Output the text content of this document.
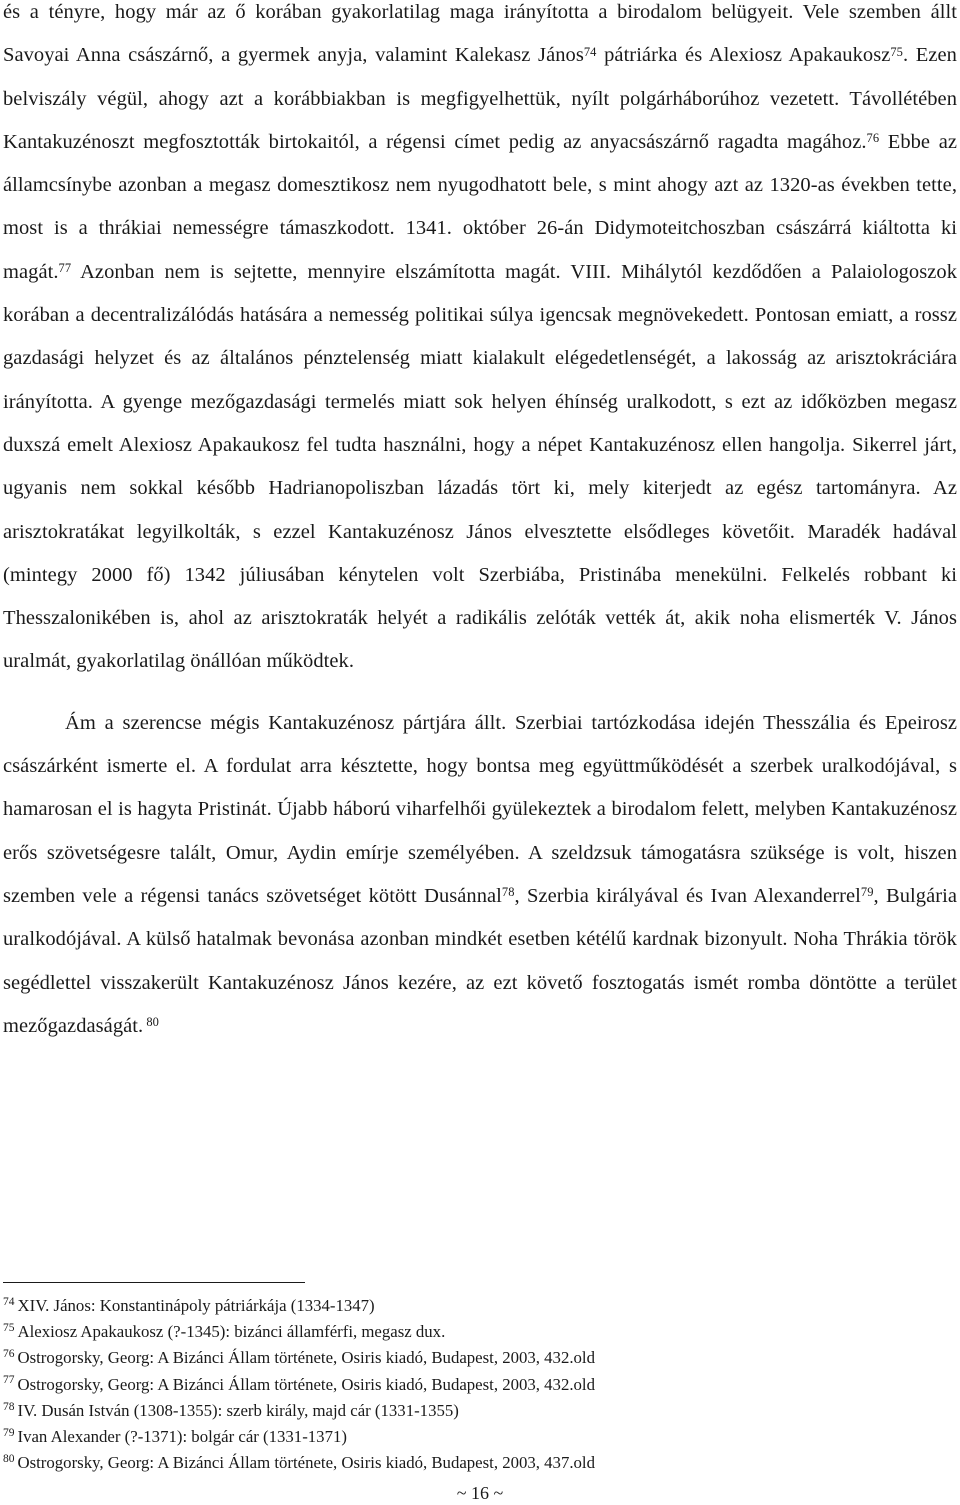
és a tényre, hogy már az ő korában gyakorlatilag maga irányította a birodalom belügyeit. Vele szemben állt Savoyai Anna császárnő, a gyermek anyja, valamint Kalekasz János$^{74}$ pátriárka és Alexiosz Apakaukosz$^{75}$. Ezen belviszály végül, ahogy azt a korábbiakban is megfigyelhettük, nyílt polgárháborúhoz vezetett. Távollétében Kantakuzénoszt megfosztották birtokaitól, a régensi címet pedig az anyacsászárnő ragadta magához.$^{76}$ Ebbe az államcsínybe azonban a megasz domesztikosz nem nyugodhatott bele, s mint ahogy azt az 1320-as években tette, most is a thrákiai nemességre támaszkodott. 1341. október 26-án Didymoteitchoszban császárrá kiáltotta ki magát.$^{77}$ Azonban nem is sejtette, mennyire elszámította magát. VIII. Mihálytól kezdődően a Palaiologoszok korában a decentralizálódás hatására a nemesség politikai súlya igencsak megnövekedett. Pontosan emiatt, a rossz gazdasági helyzet és az általános pénztelenség miatt kialakult elégedetlenségét, a lakosság az arisztokráciára irányította. A gyenge mezőgazdasági termelés miatt sok helyen éhínség uralkodott, s ezt az időközben megasz duxszá emelt Alexiosz Apakaukosz fel tudta használni, hogy a népet Kantakuzénosz ellen hangolja. Sikerrel járt, ugyanis nem sokkal később Hadrianopoliszban lázadás tört ki, mely kiterjedt az egész tartományra. Az arisztokratákat legyilkolták, s ezzel Kantakuzénosz János elvesztette elsődleges követőit. Maradék hadával (mintegy 2000 fő) 1342 júliusában kénytelen volt Szerbiába, Pristinába menekülni. Felkelés robbant ki Thesszalonikében is, ahol az arisztokraták helyét a radikális zelóták vették át, akik noha elismerték V. János uralmát, gyakorlatilag önállóan működtek.

Ám a szerencse mégis Kantakuzénosz pártjára állt. Szerbiai tartózkodása idején Thesszália és Epeirosz császárként ismerte el. A fordulat arra késztette, hogy bontsa meg együttműködését a szerbek uralkodójával, s hamarosan el is hagyta Pristinát. Újabb háború viharfelhői gyülekeztek a birodalom felett, melyben Kantakuzénosz erős szövetségesre talált, Omur, Aydin emírje személyében. A szeldzsuk támogatásra szüksége is volt, hiszen szemben vele a régensi tanács szövetséget kötött Dusánnal$^{78}$, Szerbia királyával és Ivan Alexanderrel$^{79}$, Bulgária uralkodójával. A külső hatalmak bevonása azonban mindkét esetben kétélű kardnak bizonyult. Noha Thrákia török segédlettel visszakerült Kantakuzénosz János kezére, az ezt követő fosztogatás ismét romba döntötte a terület mezőgazdaságát. $^{80}$

$^{74}$ XIV. János: Konstantinápoly pátriárkája (1334-1347)

$^{75}$ Alexiosz Apakaukosz (?-1345): bizánci államférfi, megasz dux.

$^{76}$ Ostrogorsky, Georg: A Bizánci Állam története, Osiris kiadó, Budapest, 2003, 432.old

$^{77}$ Ostrogorsky, Georg: A Bizánci Állam története, Osiris kiadó, Budapest, 2003, 432.old

$^{78}$ IV. Dusán István (1308-1355): szerb király, majd cár (1331-1355)

$^{79}$ Ivan Alexander (?-1371): bolgár cár (1331-1371)

$^{80}$ Ostrogorsky, Georg: A Bizánci Állam története, Osiris kiadó, Budapest, 2003, 437.old

~ 16 ~
